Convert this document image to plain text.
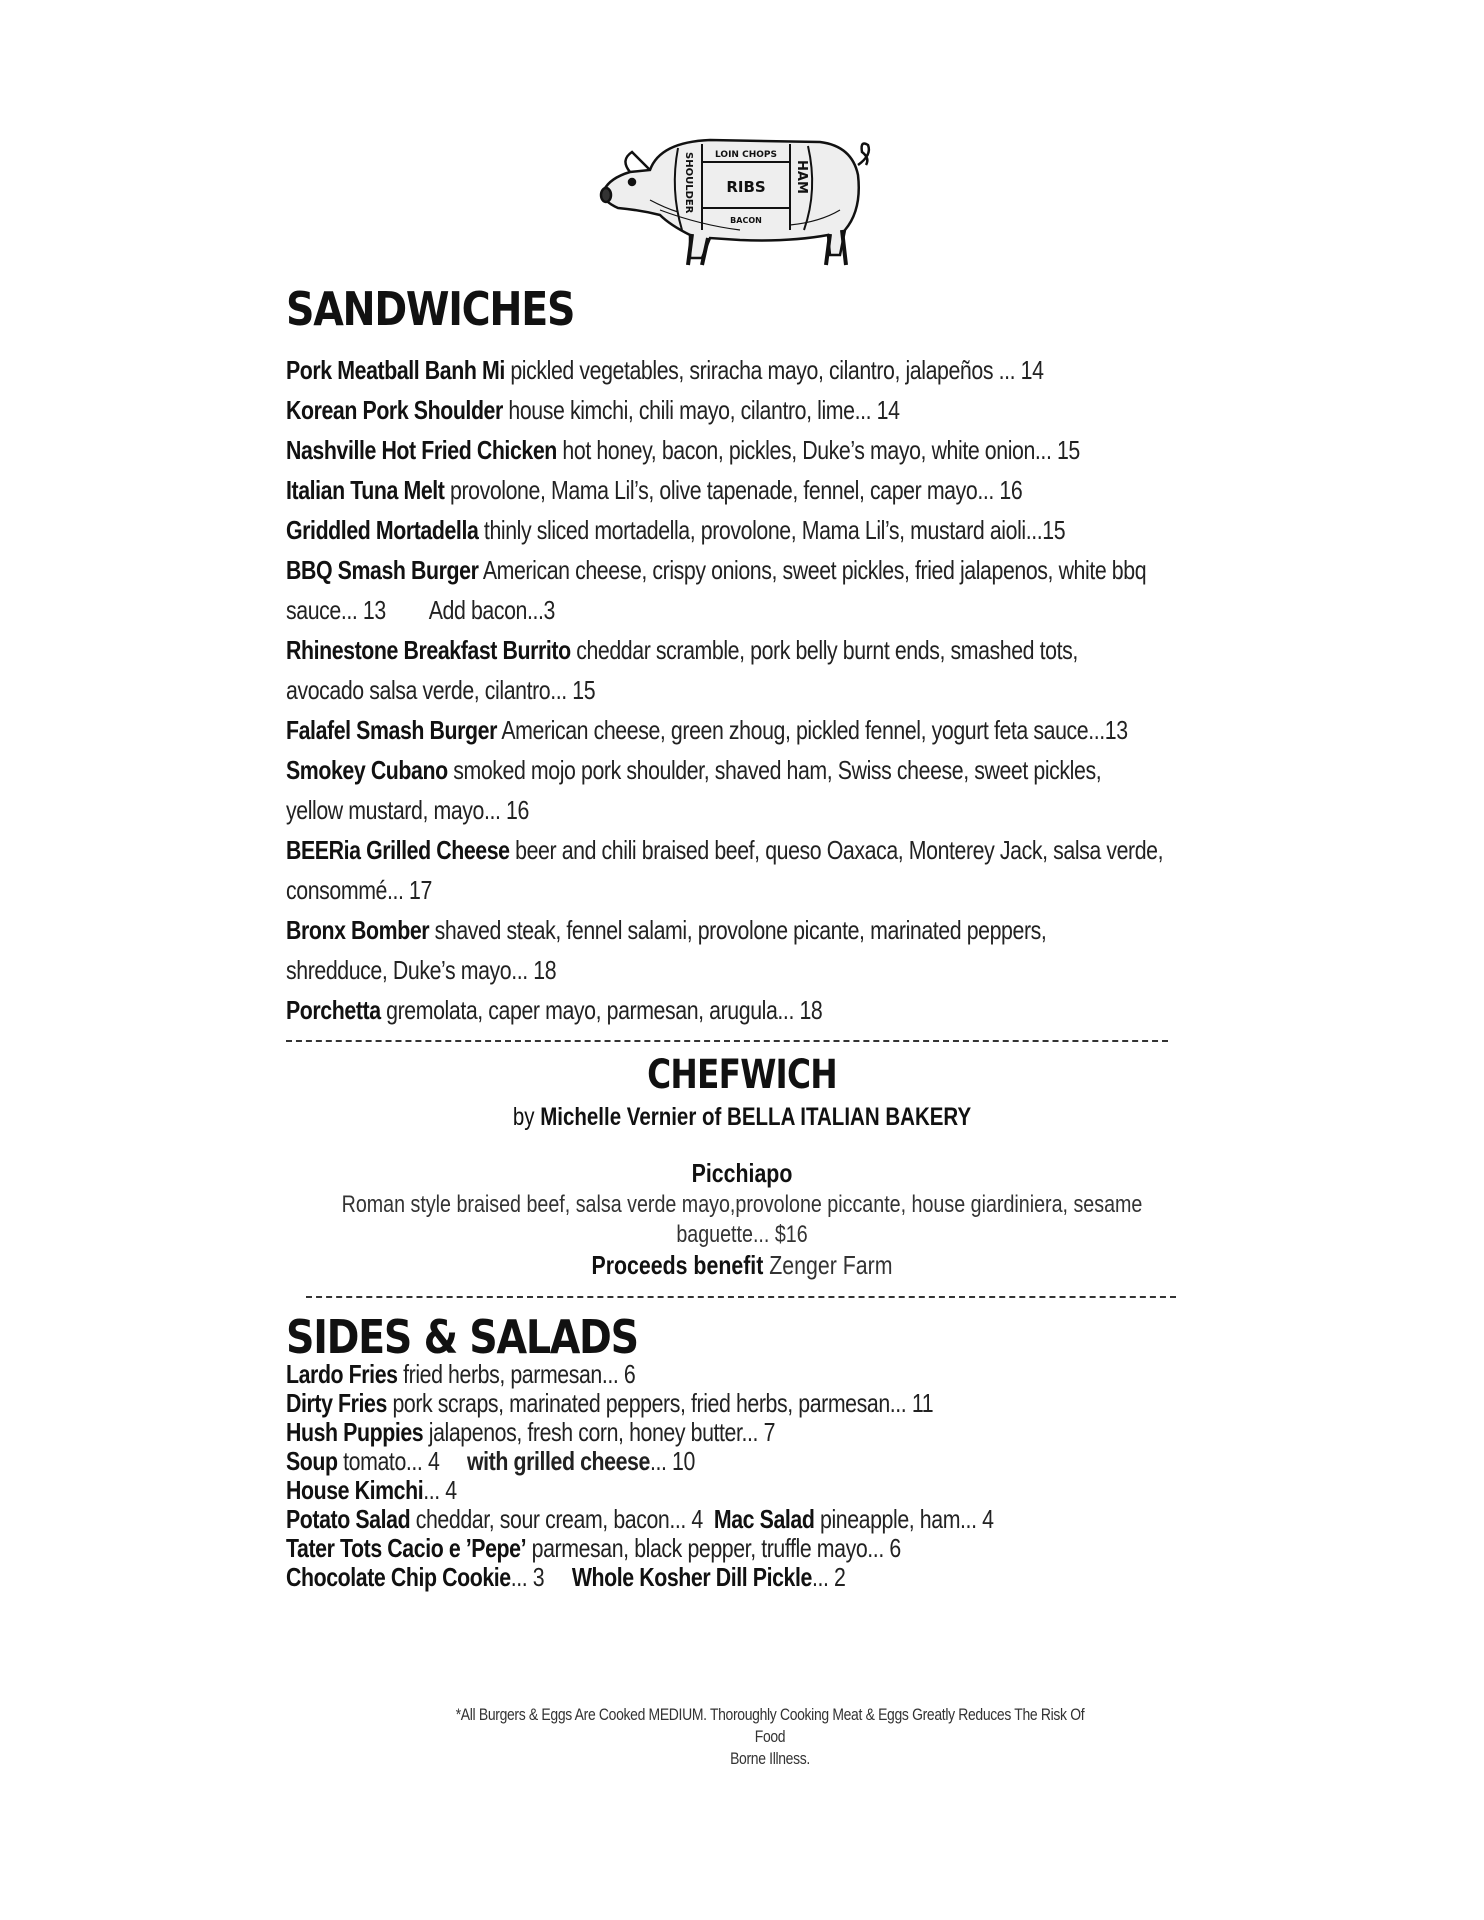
LOIN CHOPS
RIBS
BACON
SHOULDER	HAM
SANDWICHES
Pork Meatball Banh Mi pickled vegetables, sriracha mayo, cilantro, jalapeños ... 14
Korean Pork Shoulder house kimchi, chili mayo, cilantro, lime... 14
Nashville Hot Fried Chicken hot honey, bacon, pickles, Duke’s mayo, white onion... 15
Italian Tuna Melt provolone, Mama Lil’s, olive tapenade, fennel, caper mayo... 16
Griddled Mortadella thinly sliced mortadella, provolone, Mama Lil’s, mustard aioli...15
BBQ Smash Burger American cheese, crispy onions, sweet pickles, fried jalapenos, white bbq
sauce... 13        Add bacon...3
Rhinestone Breakfast Burrito cheddar scramble, pork belly burnt ends, smashed tots,
avocado salsa verde, cilantro... 15
Falafel Smash Burger American cheese, green zhoug, pickled fennel, yogurt feta sauce...13
Smokey Cubano smoked mojo pork shoulder, shaved ham, Swiss cheese, sweet pickles,
yellow mustard, mayo... 16
BEERia Grilled Cheese beer and chili braised beef, queso Oaxaca, Monterey Jack, salsa verde,
consommé... 17
Bronx Bomber shaved steak, fennel salami, provolone picante, marinated peppers,
shredduce, Duke’s mayo... 18
Porchetta gremolata, caper mayo, parmesan, arugula... 18
CHEFWICH
by Michelle Vernier of BELLA ITALIAN BAKERY
Picchiapo
Roman style braised beef, salsa verde mayo,provolone piccante, house giardiniera, sesame
baguette... $16
Proceeds benefit Zenger Farm
SIDES & SALADS
Lardo Fries fried herbs, parmesan... 6
Dirty Fries pork scraps, marinated peppers, fried herbs, parmesan... 11
Hush Puppies jalapenos, fresh corn, honey butter... 7
Soup tomato... 4     with grilled cheese... 10
House Kimchi... 4
Potato Salad cheddar, sour cream, bacon... 4  Mac Salad pineapple, ham... 4
Tater Tots Cacio e ’Pepe’ parmesan, black pepper, truffle mayo... 6
Chocolate Chip Cookie... 3     Whole Kosher Dill Pickle... 2
*All Burgers & Eggs Are Cooked MEDIUM. Thoroughly Cooking Meat & Eggs Greatly Reduces The Risk Of Food
Borne Illness.
